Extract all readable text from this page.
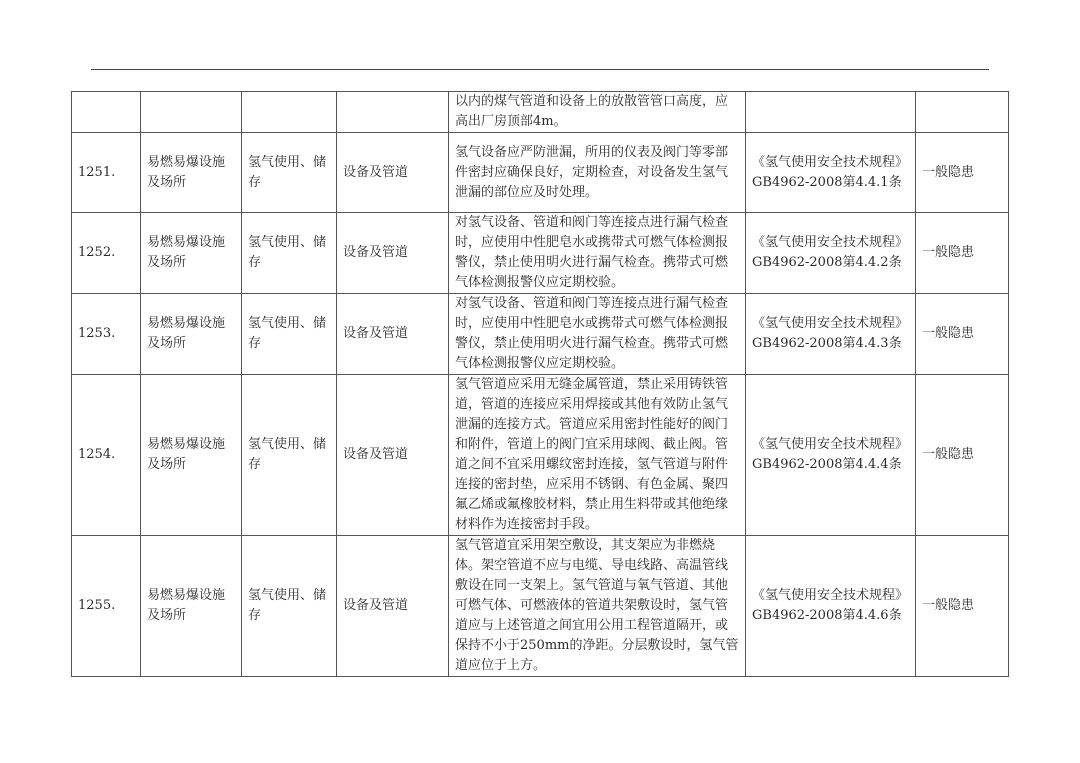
				以内的煤气管道和设备上的放散管管口高度，应高出厂房顶部4m。		
1251.	易燃易爆设施及场所	氢气使用、储存	设备及管道	氢气设备应严防泄漏，所用的仪表及阀门等零部件密封应确保良好，定期检查，对设备发生氢气泄漏的部位应及时处理。	《氢气使用安全技术规程》GB4962-2008第4.4.1条	一般隐患
1252.	易燃易爆设施及场所	氢气使用、储存	设备及管道	对氢气设备、管道和阀门等连接点进行漏气检查时，应使用中性肥皂水或携带式可燃气体检测报警仪，禁止使用明火进行漏气检查。携带式可燃气体检测报警仪应定期校验。	《氢气使用安全技术规程》GB4962-2008第4.4.2条	一般隐患
1253.	易燃易爆设施及场所	氢气使用、储存	设备及管道	对氢气设备、管道和阀门等连接点进行漏气检查时，应使用中性肥皂水或携带式可燃气体检测报警仪，禁止使用明火进行漏气检查。携带式可燃气体检测报警仪应定期校验。	《氢气使用安全技术规程》GB4962-2008第4.4.3条	一般隐患
1254.	易燃易爆设施及场所	氢气使用、储存	设备及管道	氢气管道应采用无缝金属管道，禁止采用铸铁管道，管道的连接应采用焊接或其他有效防止氢气泄漏的连接方式。管道应采用密封性能好的阀门和附件，管道上的阀门宜采用球阀、截止阀。管道之间不宜采用螺纹密封连接，氢气管道与附件连接的密封垫，应采用不锈钢、有色金属、聚四氟乙烯或氟橡胶材料，禁止用生料带或其他绝缘材料作为连接密封手段。	《氢气使用安全技术规程》GB4962-2008第4.4.4条	一般隐患
1255.	易燃易爆设施及场所	氢气使用、储存	设备及管道	氢气管道宜采用架空敷设，其支架应为非燃烧体。架空管道不应与电缆、导电线路、高温管线敷设在同一支架上。氢气管道与氧气管道、其他可燃气体、可燃液体的管道共架敷设时，氢气管道应与上述管道之间宜用公用工程管道隔开，或保持不小于250mm的净距。分层敷设时，氢气管道应位于上方。	《氢气使用安全技术规程》GB4962-2008第4.4.6条	一般隐患
